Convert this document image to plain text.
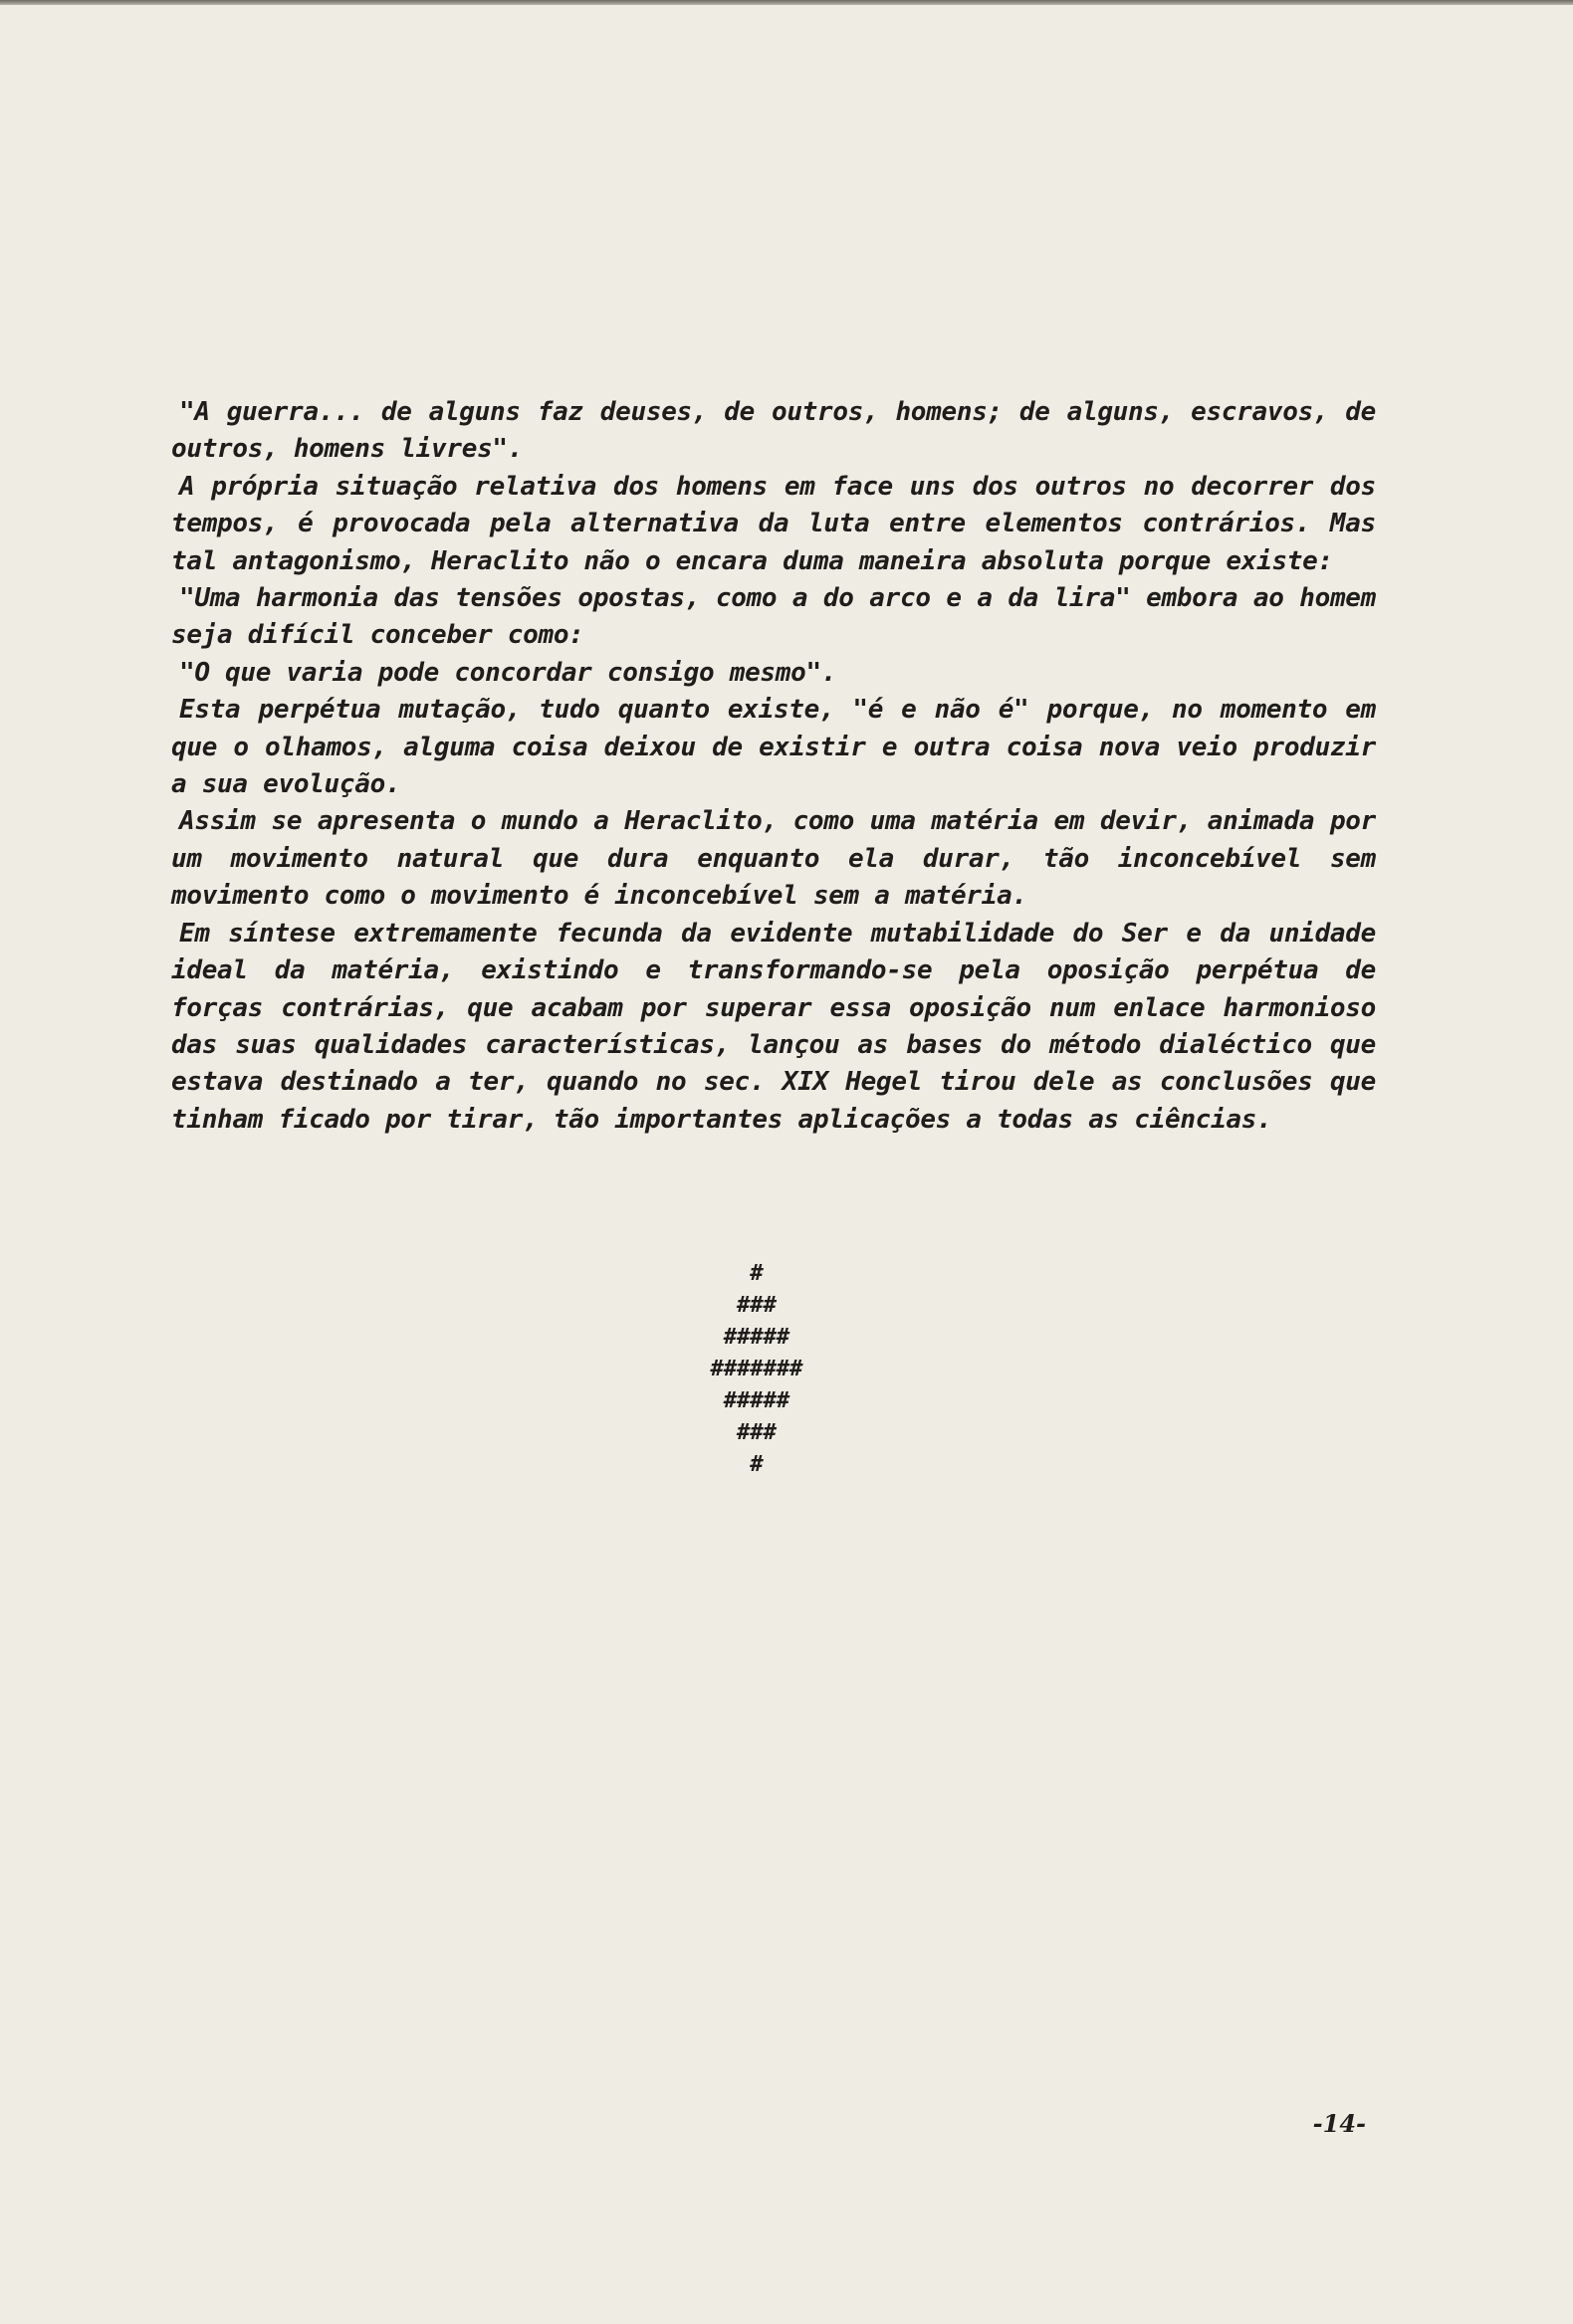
"A guerra... de alguns faz deuses, de outros, homens; de alguns, escravos, de outros, homens livres".

A própria situação relativa dos homens em face uns dos outros no decorrer dos tempos, é provocada pela alternativa da luta entre elementos contrários. Mas tal antagonismo, Heraclito não o encara duma maneira absoluta porque existe:

"Uma harmonia das tensões opostas, como a do arco e a da lira" embora ao homem seja difícil conceber como:

"O que varia pode concordar consigo mesmo".

Esta perpétua mutação, tudo quanto existe, "é e não é" porque, no momento em que o olhamos, alguma coisa deixou de existir e outra coisa nova veio produzir a sua evolução.

Assim se apresenta o mundo a Heraclito, como uma matéria em devir, animada por um movimento natural que dura enquanto ela durar, tão inconcebível sem movimento como o movimento é inconcebível sem a matéria.

Em síntese extremamente fecunda da evidente mutabilidade do Ser e da unidade ideal da matéria, existindo e transformando-se pela oposição perpétua de forças contrárias, que acabam por superar essa oposição num enlace harmonioso das suas qualidades características, lançou as bases do método dialéctico que estava destinado a ter, quando no sec. XIX Hegel tirou dele as conclusões que tinham ficado por tirar, tão importantes aplicações a todas as ciências.

#
###
#####
#######
#####
###
#
-14-
